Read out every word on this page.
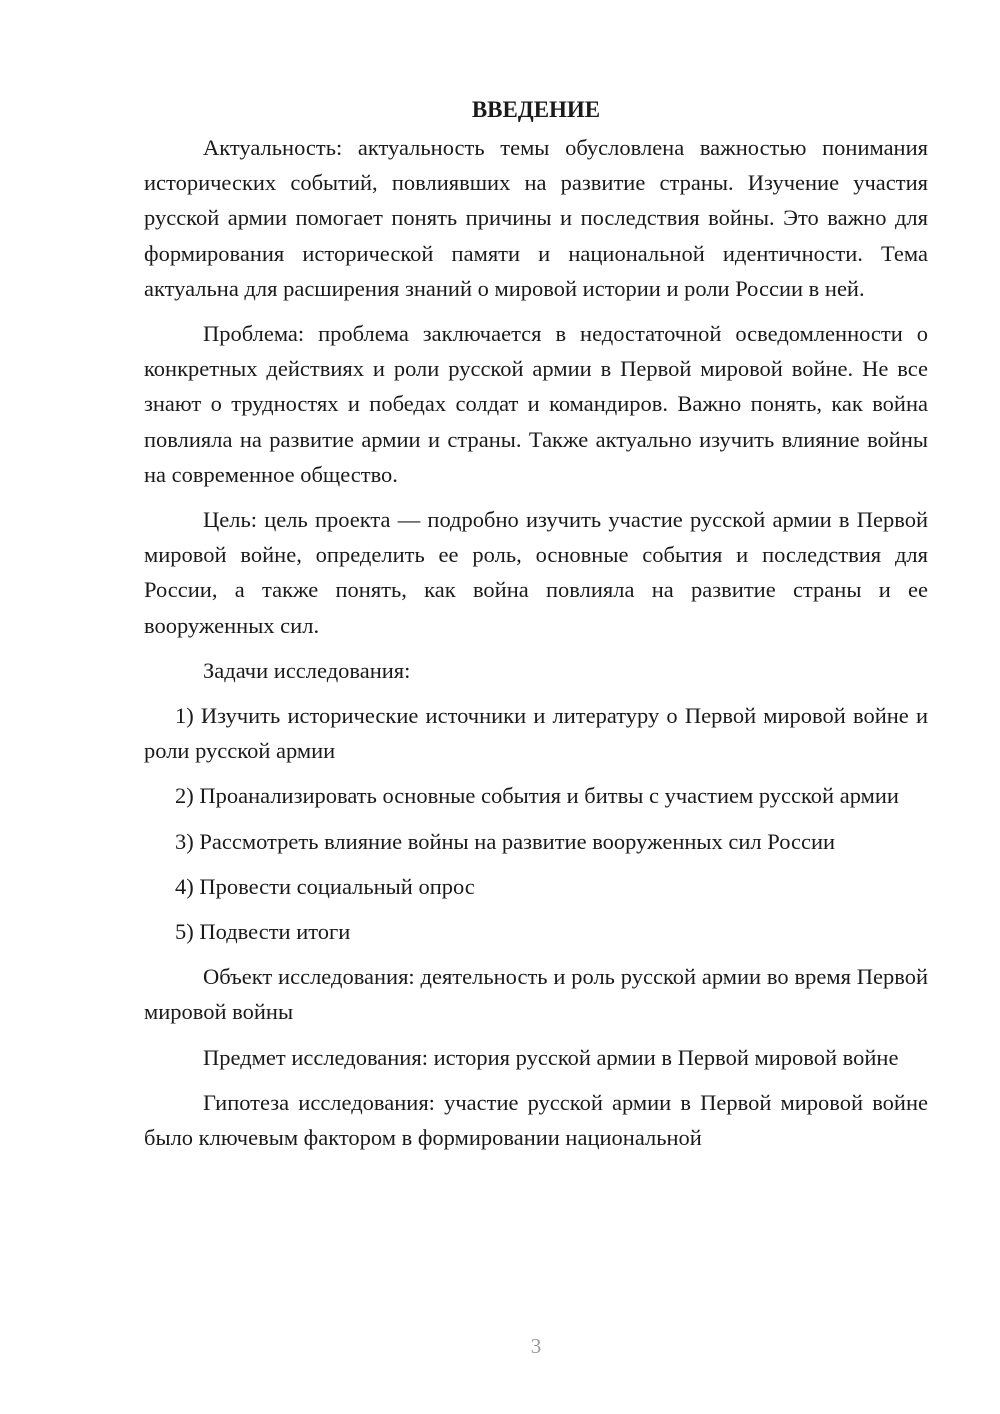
ВВЕДЕНИЕ

Актуальность: актуальность темы обусловлена важностью понимания исторических событий, повлиявших на развитие страны. Изучение участия русской армии помогает понять причины и последствия войны. Это важно для формирования исторической памяти и национальной идентичности. Тема актуальна для расширения знаний о мировой истории и роли России в ней.

Проблема: проблема заключается в недостаточной осведомленности о конкретных действиях и роли русской армии в Первой мировой войне. Не все знают о трудностях и победах солдат и командиров. Важно понять, как война повлияла на развитие армии и страны. Также актуально изучить влияние войны на современное общество.

Цель: цель проекта — подробно изучить участие русской армии в Первой мировой войне, определить ее роль, основные события и последствия для России, а также понять, как война повлияла на развитие страны и ее вооруженных сил.

Задачи исследования:

1) Изучить исторические источники и литературу о Первой мировой войне и роли русской армии

2) Проанализировать основные события и битвы с участием русской армии

3) Рассмотреть влияние войны на развитие вооруженных сил России

4) Провести социальный опрос

5) Подвести итоги

Объект исследования: деятельность и роль русской армии во время Первой мировой войны

Предмет исследования: история русской армии в Первой мировой войне

Гипотеза исследования: участие русской армии в Первой мировой войне было ключевым фактором в формировании национальной

3
